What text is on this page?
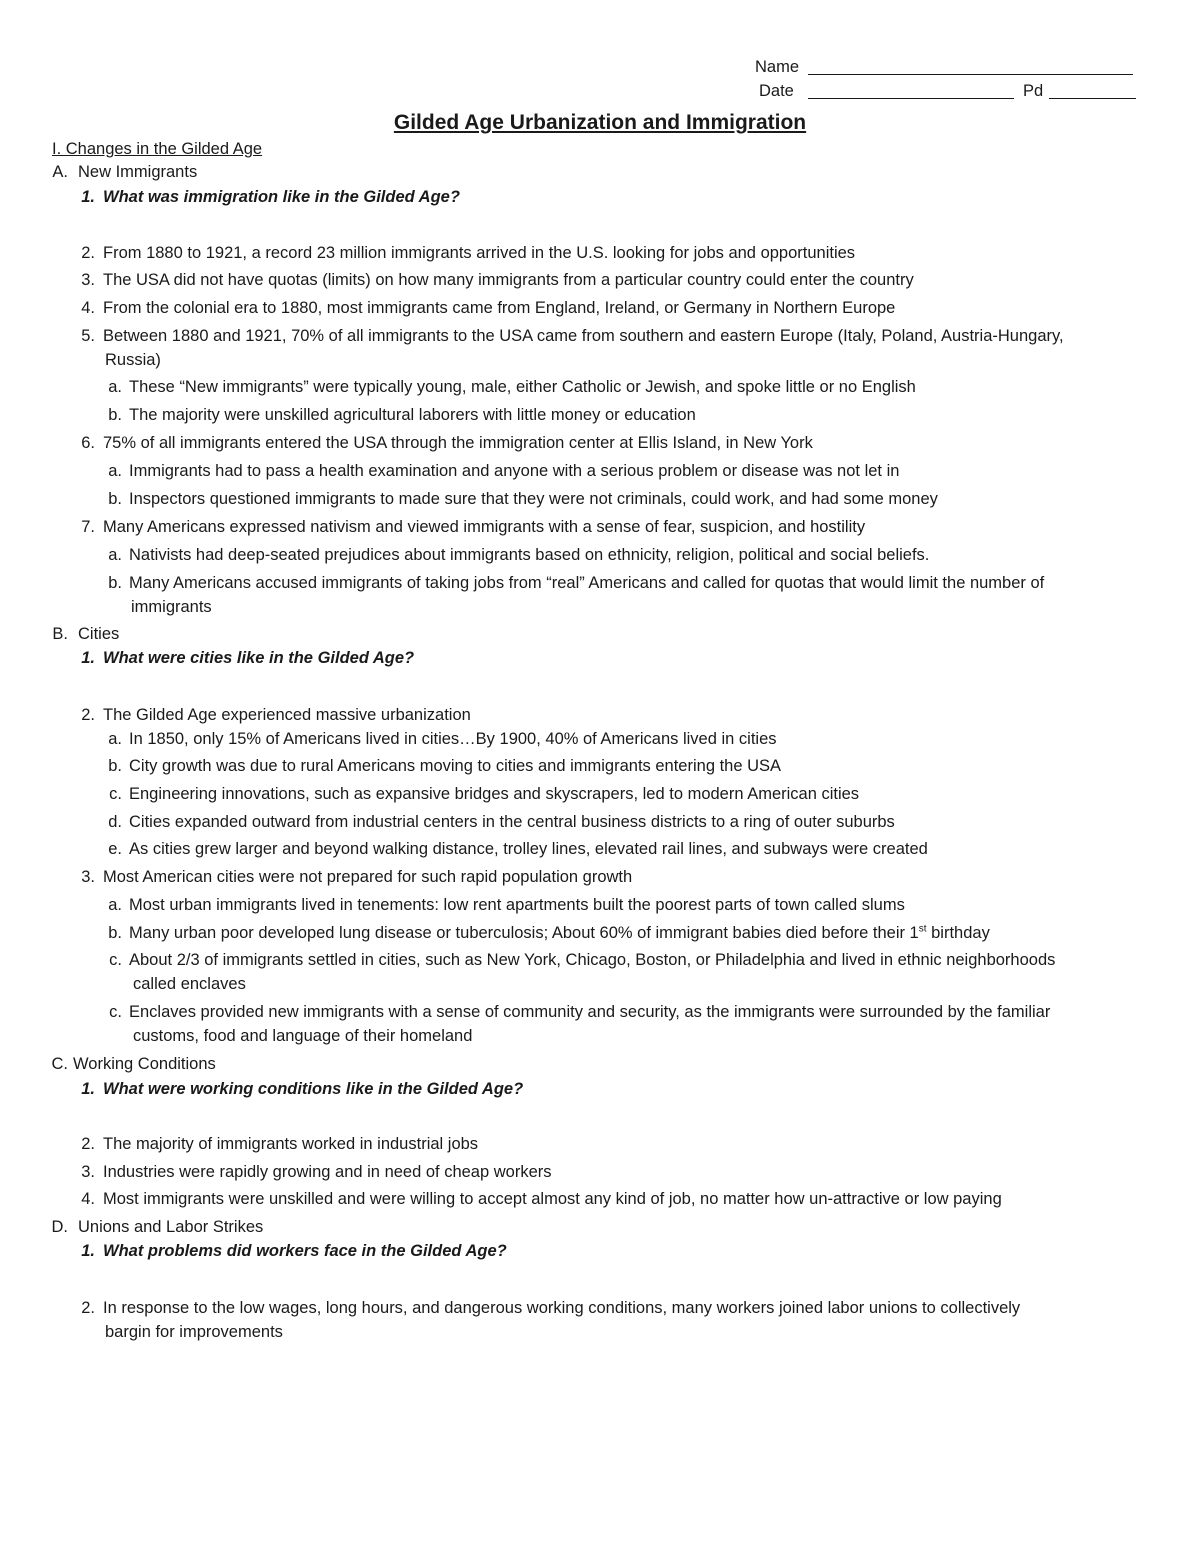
Name
Date	Pd
Gilded Age Urbanization and Immigration
I. Changes in the Gilded Age
A. New Immigrants
1. What was immigration like in the Gilded Age?
2. From 1880 to 1921, a record 23 million immigrants arrived in the U.S. looking for jobs and opportunities
3. The USA did not have quotas (limits) on how many immigrants from a particular country could enter the country
4. From the colonial era to 1880, most immigrants came from England, Ireland, or Germany in Northern Europe
5. Between 1880 and 1921, 70% of all immigrants to the USA came from southern and eastern Europe (Italy, Poland, Austria-Hungary,
Russia)
a. These “New immigrants” were typically young, male, either Catholic or Jewish, and spoke little or no English
b. The majority were unskilled agricultural laborers with little money or education
6. 75% of all immigrants entered the USA through the immigration center at Ellis Island, in New York
a. Immigrants had to pass a health examination and anyone with a serious problem or disease was not let in
b. Inspectors questioned immigrants to made sure that they were not criminals, could work, and had some money
7. Many Americans expressed nativism and viewed immigrants with a sense of fear, suspicion, and hostility
a. Nativists had deep-seated prejudices about immigrants based on ethnicity, religion, political and social beliefs.
b. Many Americans accused immigrants of taking jobs from “real” Americans and called for quotas that would limit the number of
immigrants
B. Cities
1. What were cities like in the Gilded Age?
2. The Gilded Age experienced massive urbanization
a. In 1850, only 15% of Americans lived in cities…By 1900, 40% of Americans lived in cities
b. City growth was due to rural Americans moving to cities and immigrants entering the USA
c. Engineering innovations, such as expansive bridges and skyscrapers, led to modern American cities
d. Cities expanded outward from industrial centers in the central business districts to a ring of outer suburbs
e. As cities grew larger and beyond walking distance, trolley lines, elevated rail lines, and subways were created
3. Most American cities were not prepared for such rapid population growth
a. Most urban immigrants lived in tenements: low rent apartments built the poorest parts of town called slums
b. Many urban poor developed lung disease or tuberculosis; About 60% of immigrant babies died before their 1st birthday
c. About 2/3 of immigrants settled in cities, such as New York, Chicago, Boston, or Philadelphia and lived in ethnic neighborhoods
called enclaves
c. Enclaves provided new immigrants with a sense of community and security, as the immigrants were surrounded by the familiar
customs, food and language of their homeland
C. Working Conditions
1. What were working conditions like in the Gilded Age?
2. The majority of immigrants worked in industrial jobs
3. Industries were rapidly growing and in need of cheap workers
4. Most immigrants were unskilled and were willing to accept almost any kind of job, no matter how un-attractive or low paying
D. Unions and Labor Strikes
1. What problems did workers face in the Gilded Age?
2. In response to the low wages, long hours, and dangerous working conditions, many workers joined labor unions to collectively
bargin for improvements
